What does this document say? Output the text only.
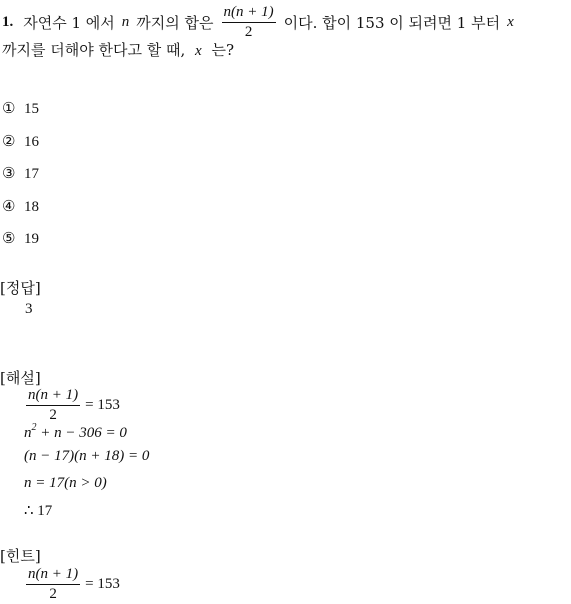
1. 자연수 1 에서 n 까지의 합은 $\frac{n(n + 1)}{2}$ 이다. 합이 153 이 되려면 1 부터 x
까지를 더해야 한다고 할 때, x 는?
① 15
② 16
③ 17
④ 18
⑤ 19
[정답]
3
[해설]
$\frac{n(n + 1)}{2} = 153$
$n^2 + n - 306 = 0$
(n − 17)(n + 18) = 0
n = 17(n > 0)
∴ 17
[힌트]
$\frac{n(n + 1)}{2} = 153$
